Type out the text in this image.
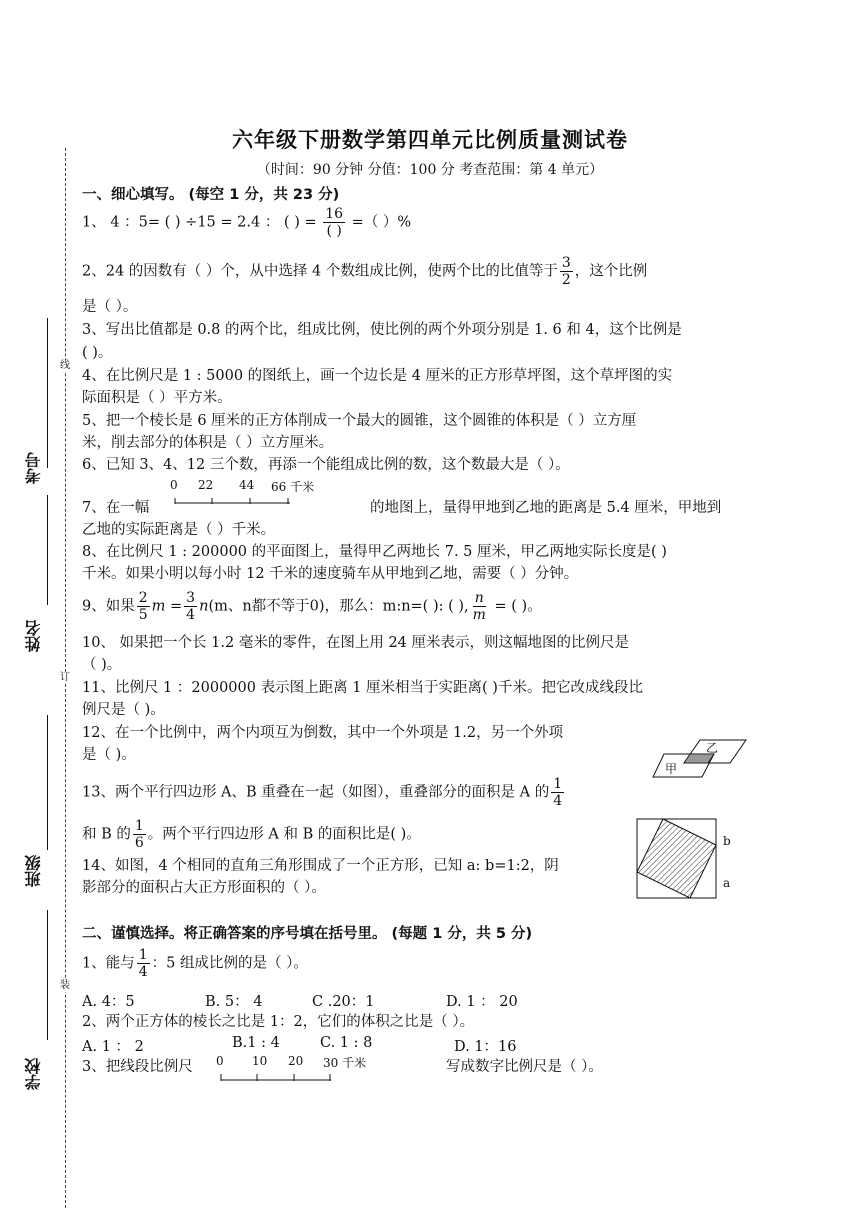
线
订
装
考号
姓名
班级
学校
六年级下册数学第四单元比例质量测试卷
（时间：90 分钟 分值：100 分 考查范围：第 4 单元）
一、细心填写。 (每空 1 分，共 23 分)
1、 4 ：5= ( ) ÷15 = 2.4 ： ( ) = $\frac{16}{( )}$ =（ ）%
2、24 的因数有（ ）个，从中选择 4 个数组成比例，使两个比的比值等于 $\frac{3}{2}$ ，这个比例
是（ ）。
3、写出比值都是 0.8 的两个比，组成比例，使比例的两个外项分别是 1. 6 和 4，这个比例是
( )。
4、在比例尺是 1 : 5000 的图纸上，画一个边长是 4 厘米的正方形草坪图，这个草坪图的实
际面积是（ ）平方米。
5、把一个棱长是 6 厘米的正方体削成一个最大的圆锥，这个圆锥的体积是（ ）立方厘
米，削去部分的体积是（ ）立方厘米。
6、已知 3、4、12 三个数，再添一个能组成比例的数，这个数最大是（ ）。
7、在一幅
0 22 44 66 千米
的地图上，量得甲地到乙地的距离是 5.4 厘米，甲地到
乙地的实际距离是（ ）千米。
8、在比例尺 1 : 200000 的平面图上，量得甲乙两地长 7. 5 厘米，甲乙两地实际长度是( )
千米。如果小明以每小时 12 千米的速度骑车从甲地到乙地，需要（ ）分钟。
9、如果 $\frac{2}{5}$ $m = \frac{3}{4} n(m$、n都不等于0)，那么：m:n=( ): ( ), $\frac{n}{m}$ = ( )。
10、 如果把一个长 1.2 毫米的零件，在图上用 24 厘米表示，则这幅地图的比例尺是
（ )。
11、比例尺 1 ：2000000 表示图上距离 1 厘米相当于实距离( )千米。把它改成线段比
例尺是（ )。
12、在一个比例中，两个内项互为倒数，其中一个外项是 1.2，另一个外项
是（ )。
甲
乙
13、两个平行四边形 A、B 重叠在一起（如图），重叠部分的面积是 A 的 $\frac{1}{4}$
和 B 的 $\frac{1}{6}$ 。两个平行四边形 A 和 B 的面积比是( )。	b
a
14、如图，4 个相同的直角三角形围成了一个正方形，已知 a: b=1:2，阴
影部分的面积占大正方形面积的（ ）。
二、谨慎选择。将正确答案的序号填在括号里。 (每题 1 分，共 5 分)
1、能与 $\frac{1}{4}$ ：5 组成比例的是（ ）。
A. 4：5	B. 5： 4	C .20：1	D. 1 ： 20
2、两个正方体的棱长之比是 1：2，它们的体积之比是（ ）。
A. 1 ： 2	B.1 : 4	C. 1 : 8	D. 1：16
3、把线段比例尺 0 10 20 30 千米	写成数字比例尺是（ ）。
